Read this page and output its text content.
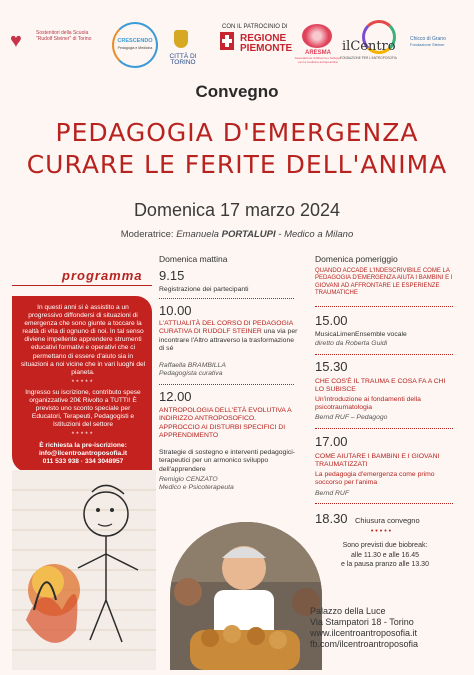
♥	Sostenitori della Scuola
"Rudolf Steiner" di Torino	CRESCENDO
Pedagogia e Medicina
CITTÀ DI TORINO
CON IL PATROCINIO DI
REGIONE
PIEMONTE	ARESMA
Associazione di Ricerca e Sviluppo per la medicina antroposofica
ilCentro
FONDAZIONE PER L'ANTROPOSOFIA
Chicco di Grano
Fondazione Steiner
Convegno
PEDAGOGIA D'EMERGENZA
CURARE LE FERITE DELL'ANIMA
Domenica 17 marzo 2024
Moderatrice: Emanuela PORTALUPI - Medico a Milano
programma
In questi anni si è assistito a un progressivo diffondersi di situazioni di emergenza che sono giunte a toccare la realtà di vita di ognuno di noi. In tal senso diviene impellente apprendere strumenti educativi formativi e operativi che ci permettano di essere d'aiuto sia in situazioni a noi vicine che in vari luoghi del pianeta.
*****
Ingresso su iscrizione, contributo spese organizzative 20€ Rivolto a TUTTI! È previsto uno sconto speciale per Educatori, Terapeuti, Pedagogisti e Istituzioni del settore
*****
È richiesta la pre-iscrizione:
info@ilcentroantroposofia.it
011 533 938 · 334 3048957
Domenica mattina
9.15
Registrazione dei partecipanti
10.00
L'ATTUALITÀ DEL CORSO DI PEDAGOGIA CURATIVA DI RUDOLF STEINER una via per incontrare l'Altro attraverso la trasformazione di sé
Raffaella BRAMBILLA
Pedagogista curativa
12.00
ANTROPOLOGIA DELL'ETÀ EVOLUTIVA A INDIRIZZO ANTROPOSOFICO. APPROCCIO AI DISTURBI SPECIFICI DI APPRENDIMENTO
Strategie di sostegno e interventi pedagogici-terapeutici per un armonico sviluppo dell'apprendere
Remigio CENZATO
Medico e Psicoterapeuta
Domenica pomeriggio
QUANDO ACCADE L'INDESCRIVIBILE COME LA PEDAGOGIA D'EMERGENZA AIUTA I BAMBINI E I GIOVANI AD AFFRONTARE LE ESPERIENZE TRAUMATICHE
15.00
MusicaLimenEnsemble vocale
diretto da Roberta Guidi
15.30
CHE COS'È IL TRAUMA E COSA FA A CHI LO SUBISCE
Un'introduzione ai fondamenti della psicotraumatologia
Bernd RUF – Pedagogo
17.00
COME AIUTARE I BAMBINI E I GIOVANI TRAUMATIZZATI
La pedagogia d'emergenza come primo soccorso per l'anima
Bernd RUF
18.30 Chiusura convegno
•••••
Sono previsti due biobreak:
alle 11.30 e alle 16.45
e la pausa pranzo alle 13.30
Palazzo della Luce
Via Stampatori 18 - Torino
www.ilcentroantroposofia.it
fb.com/ilcentroantroposofia
